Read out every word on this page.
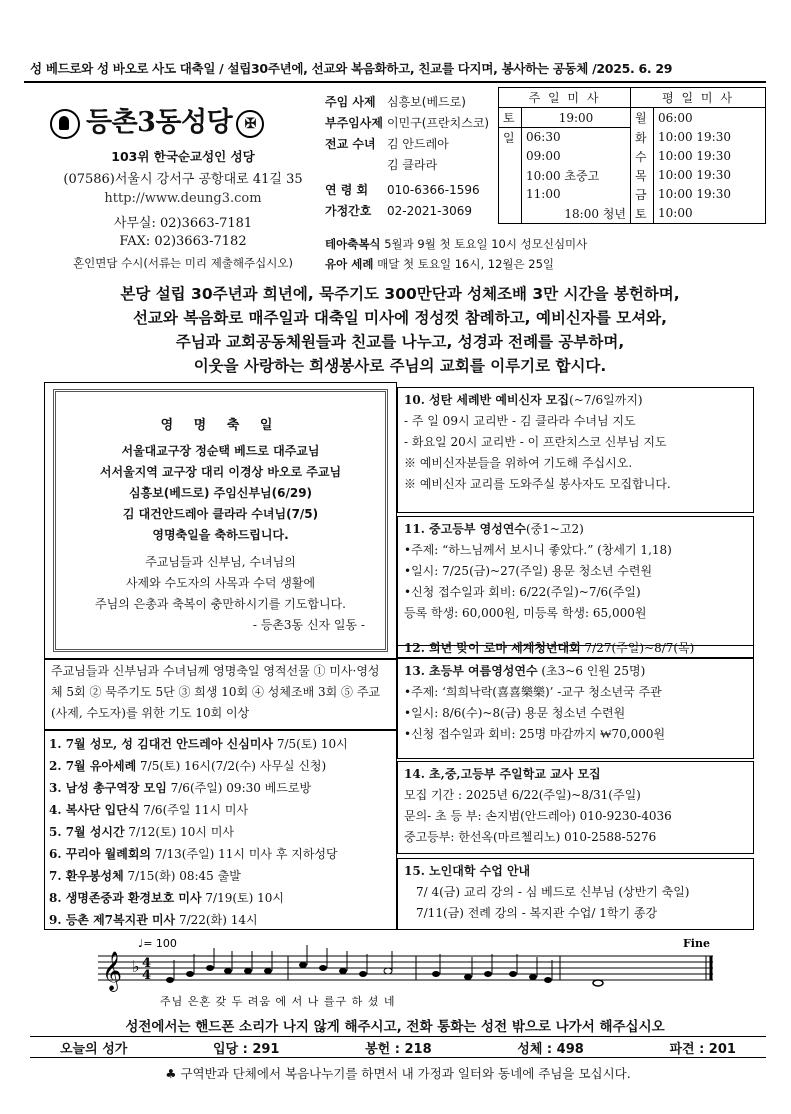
성 베드로와 성 바오로 사도 대축일 / 설립30주년에, 선교와 복음화하고, 친교를 다지며, 봉사하는 공동체 /2025. 6. 29
등촌3동성당 ✠
103위 한국순교성인 성당
(07586)서울시 강서구 공항대로 41길 35
http://www.deung3.com
사무실: 02)3663-7181
FAX: 02)3663-7182
혼인면담 수시(서류는 미리 제출해주십시오)
주임 사제 심흥보(베드로)
부주임사제 이민구(프란치스코)
전교 수녀 김 안드레아
김 클라라
연 령 회 010-6366-1596
가정간호 02-2021-3069
주 일 미 사		평 일 미 사	
토	19:00	월	06:00
일	06:30	화	10:00 19:30
	09:00	수	10:00 19:30
	10:00 초중고	목	10:00 19:30
	11:00	금	10:00 19:30
	18:00 청년	토	10:00
테아축복식 5월과 9월 첫 토요일 10시 성모신심미사
유아 세례 매달 첫 토요일 16시, 12월은 25일
본당 설립 30주년과 희년에, 묵주기도 300만단과 성체조배 3만 시간을 봉헌하며,
선교와 복음화로 매주일과 대축일 미사에 정성껏 참례하고, 예비신자를 모셔와,
주님과 교회공동체원들과 친교를 나누고, 성경과 전례를 공부하며,
이웃을 사랑하는 희생봉사로 주님의 교회를 이루기로 합시다.
영 명 축 일

서울대교구장 정순택 베드로 대주교님

서서울지역 교구장 대리 이경상 바오로 주교님

심흥보(베드로) 주임신부님(6/29)

김 대건안드레아 클라라 수녀님(7/5)

영명축일을 축하드립니다.

주교님들과 신부님, 수녀님의

사제와 수도자의 사목과 수덕 생활에

주님의 은총과 축복이 충만하시기를 기도합니다.

- 등촌3동 신자 일동 -

주교님들과 신부님과 수녀님께 영명축일 영적선물 ① 미사·영성체 5회 ② 묵주기도 5단 ③ 희생 10회 ④ 성체조배 3회 ⑤ 주교(사제, 수도자)를 위한 기도 10회 이상
1. 7월 성모, 성 김대건 안드레아 신심미사 7/5(토) 10시
2. 7월 유아세례 7/5(토) 16시(7/2(수) 사무실 신청)
3. 남성 총구역장 모임 7/6(주일) 09:30 베드로방
4. 복사단 입단식 7/6(주일 11시 미사
5. 7월 성시간 7/12(토) 10시 미사
6. 꾸리아 월례회의 7/13(주일) 11시 미사 후 지하성당
7. 환우봉성체 7/15(화) 08:45 출발
8. 생명존중과 환경보호 미사 7/19(토) 10시
9. 등촌 제7복지관 미사 7/22(화) 14시
10. 성탄 세례반 예비신자 모집(~7/6일까지)
- 주 일 09시 교리반 - 김 클라라 수녀님 지도
- 화요일 20시 교리반 - 이 프란치스코 신부님 지도
※ 예비신자분들을 위하여 기도해 주십시오.
※ 예비신자 교리를 도와주실 봉사자도 모집합니다.
11. 중고등부 영성연수(중1~고2)
•주제: “하느님께서 보시니 좋았다.” (창세기 1,18)
•일시: 7/25(금)~27(주일) 용문 청소년 수련원
•신청 접수일과 회비: 6/22(주일)~7/6(주일)
등록 학생: 60,000원, 미등록 학생: 65,000원
12. 희년 맞이 로마 세계청년대회 7/27(주일)~8/7(목)
13. 초등부 여름영성연수 (초3~6 인원 25명)
•주제: ‘희희낙락(喜喜樂樂)’ -교구 청소년국 주관
•일시: 8/6(수)~8(금) 용문 청소년 수련원
•신청 접수일과 회비: 25명 마감까지 ₩70,000원
14. 초,중,고등부 주일학교 교사 모집
모집 기간 : 2025년 6/22(주일)~8/31(주일)
문의- 초 등 부: 손지범(안드레아) 010-9230-4036
중고등부: 한선옥(마르첼리노) 010-2588-5276
15. 노인대학 수업 안내
7/ 4(금) 교리 강의 - 심 베드로 신부님 (상반기 축일)
7/11(금) 전례 강의 - 복지관 수업/ 1학기 종강
♩= 100	Fine
𝄞 ♭ 4
4
주님 은혼 갖 두 려움 에 서 나 를구 하 셨 네
성전에서는 핸드폰 소리가 나지 않게 해주시고, 전화 통화는 성전 밖으로 나가서 해주십시오
오늘의 성가	입당 : 291	봉헌 : 218	성체 : 498	파견 : 201
♣ 구역반과 단체에서 복음나누기를 하면서 내 가정과 일터와 동네에 주님을 모십시다.
